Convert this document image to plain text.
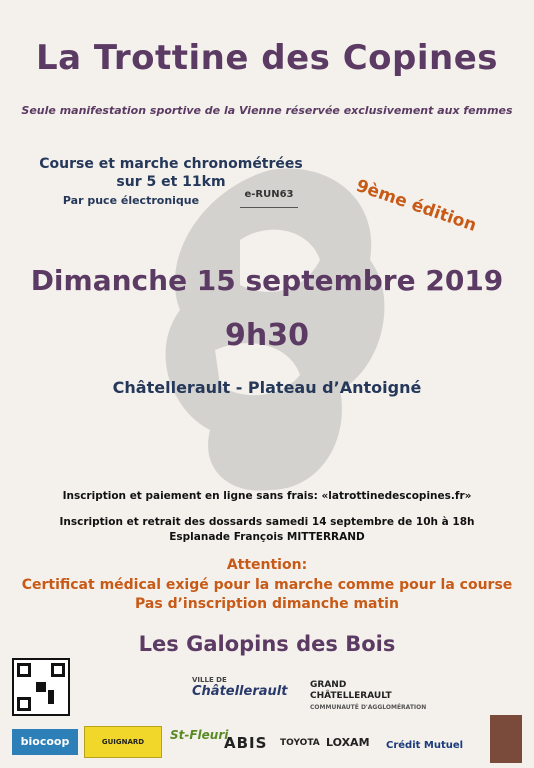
La Trottine des Copines
Seule manifestation sportive de la Vienne réservée exclusivement aux femmes
Course et marche chronométrées
sur 5 et 11km
Par puce électronique	e-RUN63	9ème édition
Dimanche 15 septembre 2019
9h30
Châtellerault - Plateau d’Antoigné
Inscription et paiement en ligne sans frais: «latrottinedescopines.fr»
Inscription et retrait des dossards samedi 14 septembre de 10h à 18h
Esplanade François MITTERRAND
Attention:
Certificat médical exigé pour la marche comme pour la course
Pas d’inscription dimanche matin
Les Galopins des Bois
VILLE DE
Châtellerault	GRAND
CHÂTELLERAULT
COMMUNAUTÉ D'AGGLOMÉRATION
biocoop	GUIGNARD	St-Fleuri
ABIS TOYOTA LOXAM Crédit Mutuel
